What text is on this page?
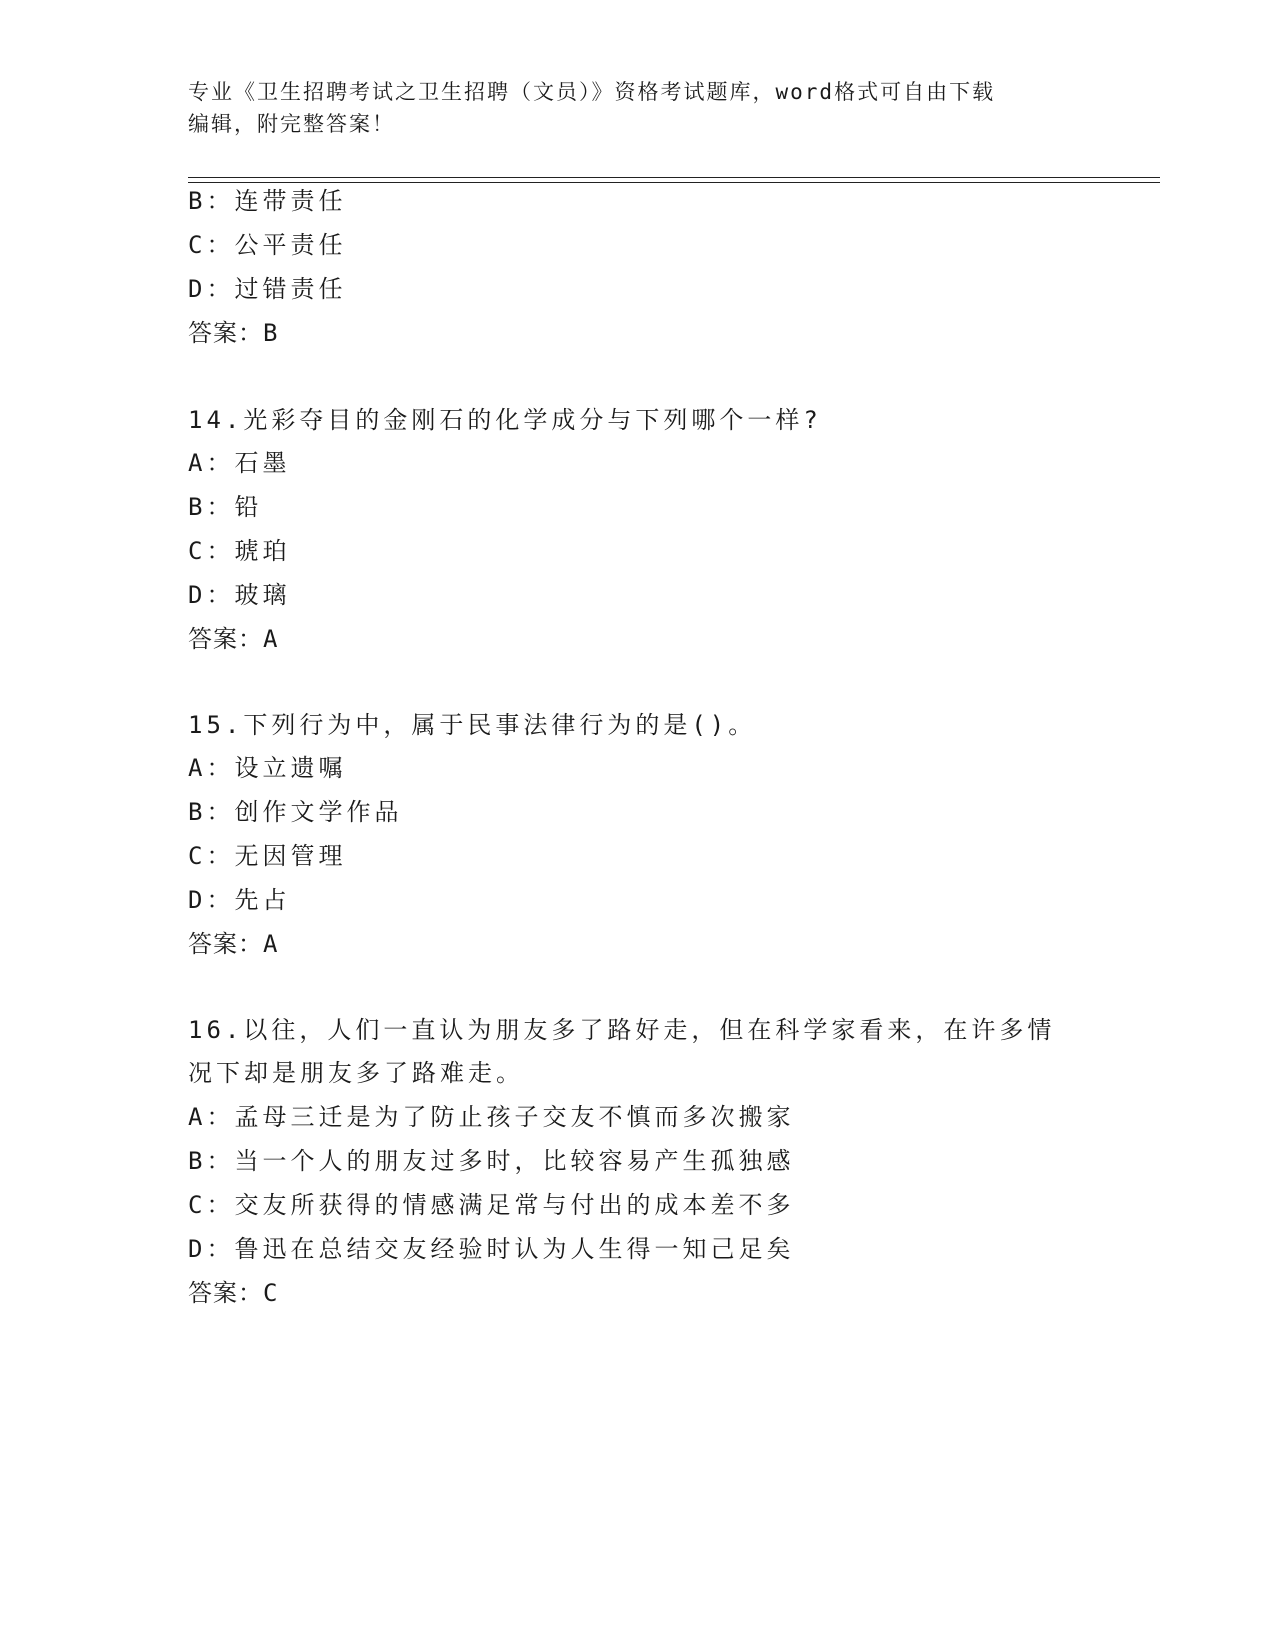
专业《卫生招聘考试之卫生招聘（文员）》资格考试题库，word格式可自由下载
编辑，附完整答案！
B：连带责任
C：公平责任
D：过错责任
答案：B
14.光彩夺目的金刚石的化学成分与下列哪个一样?
A：石墨
B：铅
C：琥珀
D：玻璃
答案：A
15.下列行为中，属于民事法律行为的是()。
A：设立遗嘱
B：创作文学作品
C：无因管理
D：先占
答案：A
16.以往，人们一直认为朋友多了路好走，但在科学家看来，在许多情
况下却是朋友多了路难走。
A：孟母三迁是为了防止孩子交友不慎而多次搬家
B：当一个人的朋友过多时，比较容易产生孤独感
C：交友所获得的情感满足常与付出的成本差不多
D：鲁迅在总结交友经验时认为人生得一知己足矣
答案：C
